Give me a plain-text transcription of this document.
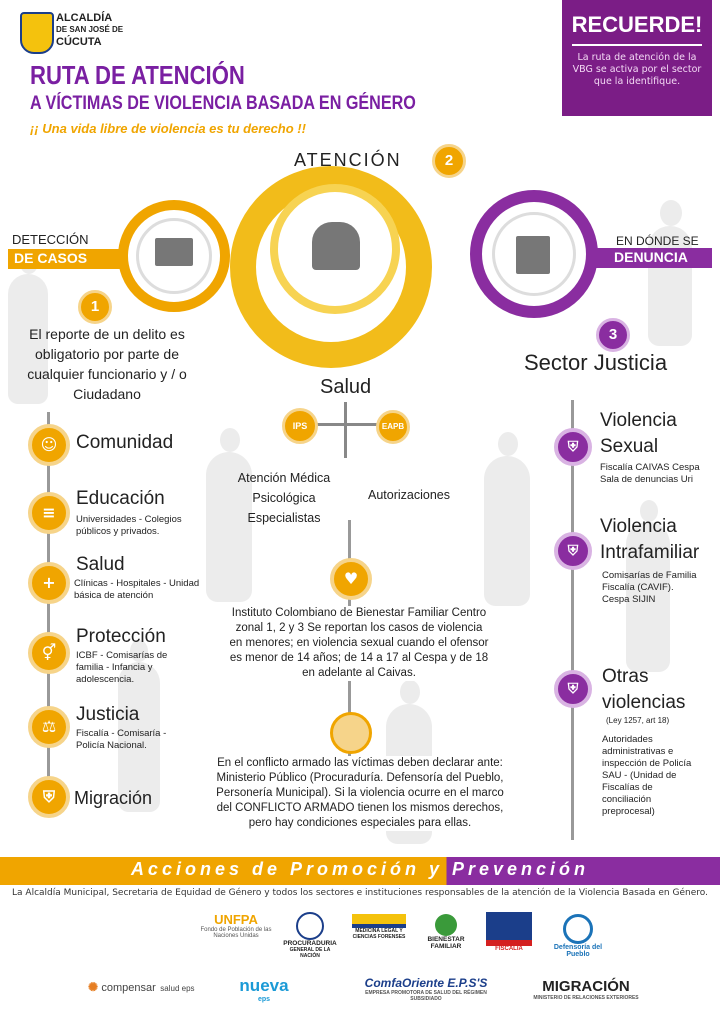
ALCALDÍA
DE SAN JOSÉ DE
CÚCUTA
RUTA DE ATENCIÓN
A VÍCTIMAS DE VIOLENCIA BASADA EN GÉNERO
¡¡ Una vida libre de violencia es tu derecho !!
RECUERDE!
La ruta de atención de la VBG se activa por el sector que la identifique.
DETECCIÓN
DE CASOS
1
El reporte de un delito es obligatorio por parte de cualquier funcionario y / o Ciudadano
ATENCIÓN	2
EN DÓNDE SE
DENUNCIA
3
Sector Justicia
☺ Comunidad
≡
Educación
Universidades - Colegios públicos y privados.
+
Salud
Clínicas - Hospitales - Unidad básica de atención
⚥
Protección
ICBF - Comisarías de familia - Infancia y adolescencia.
⚖
Justicia
Fiscalía - Comisaría - Policía Nacional.
⛨	Migración
Salud
IPS	EAPB
Atención Médica Psicológica Especialistas
Autorizaciones
♥
Instituto Colombiano de Bienestar Familiar Centro zonal 1, 2 y 3 Se reportan los casos de violencia en menores; en violencia sexual cuando el ofensor es menor de 14 años; de 14 a 17 al Cespa y de 18 en adelante al Caivas.
En el conflicto armado las víctimas deben declarar ante: Ministerio Público (Procuraduría. Defensoría del Pueblo, Personería Municipal). Si la violencia ocurre en el marco del CONFLICTO ARMADO tienen los mismos derechos, pero hay condiciones especiales para ellas.
⛨
Violencia Sexual
Fiscalía CAIVAS Cespa Sala de denuncias Uri
⛨
Violencia Intrafamiliar
Comisarías de Familia Fiscalía (CAVIF). Cespa SIJIN
⛨
Otras violencias
(Ley 1257, art 18)
Autoridades administrativas e inspección de Policía SAU - (Unidad de Fiscalías de conciliación preprocesal)
Acciones de Promoción y Prevención
La Alcaldía Municipal, Secretaria de Equidad de Género y todos los sectores e instituciones responsables de la atención de la Violencia Basada en Género.
UNFPA
Fondo de Población de las Naciones Unidas
PROCURADURIA
GENERAL DE LA NACIÓN
MEDICINA LEGAL Y CIENCIAS FORENSES	BIENESTAR FAMILIAR	FISCALÍA	Defensoría del Pueblo
✺ compensar salud eps	nueva
eps
ComfaOriente E.P.S'S
EMPRESA PROMOTORA DE SALUD DEL RÉGIMEN SUBSIDIADO
MIGRACIÓN
MINISTERIO DE RELACIONES EXTERIORES
